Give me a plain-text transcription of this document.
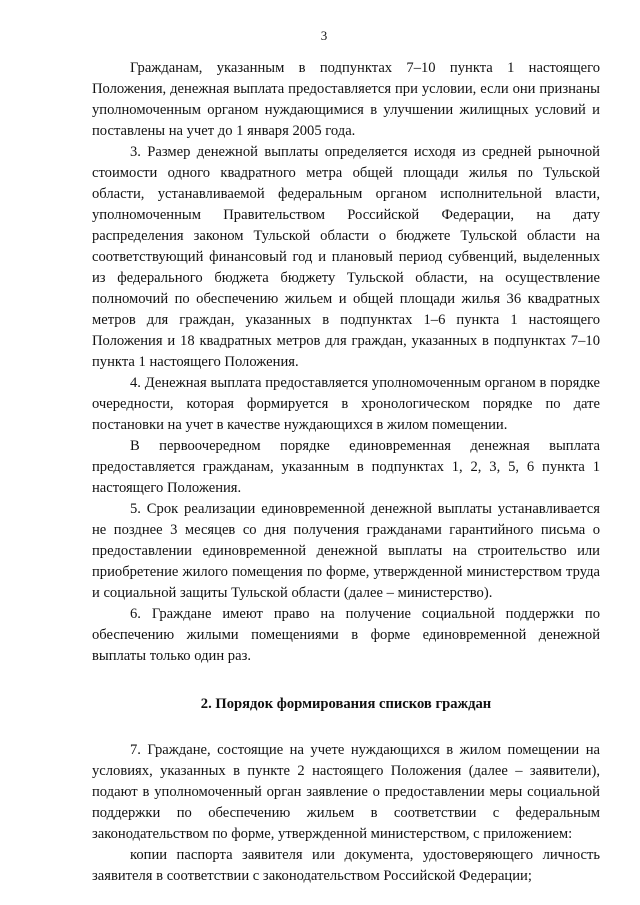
3

Гражданам, указанным в подпунктах 7–10 пункта 1 настоящего Положения, денежная выплата предоставляется при условии, если они признаны уполномоченным органом нуждающимися в улучшении жилищных условий и поставлены на учет до 1 января 2005 года.

3. Размер денежной выплаты определяется исходя из средней рыночной стоимости одного квадратного метра общей площади жилья по Тульской области, устанавливаемой федеральным органом исполнительной власти, уполномоченным Правительством Российской Федерации, на дату распределения законом Тульской области о бюджете Тульской области на соответствующий финансовый год и плановый период субвенций, выделенных из федерального бюджета бюджету Тульской области, на осуществление полномочий по обеспечению жильем и общей площади жилья 36 квадратных метров для граждан, указанных в подпунктах 1–6 пункта 1 настоящего Положения и 18 квадратных метров для граждан, указанных в подпунктах 7–10 пункта 1 настоящего Положения.

4. Денежная выплата предоставляется уполномоченным органом в порядке очередности, которая формируется в хронологическом порядке по дате постановки на учет в качестве нуждающихся в жилом помещении.

В первоочередном порядке единовременная денежная выплата предоставляется гражданам, указанным в подпунктах 1, 2, 3, 5, 6 пункта 1 настоящего Положения.

5. Срок реализации единовременной денежной выплаты устанавливается не позднее 3 месяцев со дня получения гражданами гарантийного письма о предоставлении единовременной денежной выплаты на строительство или приобретение жилого помещения по форме, утвержденной министерством труда и социальной защиты Тульской области (далее – министерство).

6. Граждане имеют право на получение социальной поддержки по обеспечению жилыми помещениями в форме единовременной денежной выплаты только один раз.

2. Порядок формирования списков граждан

7. Граждане, состоящие на учете нуждающихся в жилом помещении на условиях, указанных в пункте 2 настоящего Положения (далее – заявители), подают в уполномоченный орган заявление о предоставлении меры социальной поддержки по обеспечению жильем в соответствии с федеральным законодательством по форме, утвержденной министерством, с приложением:

копии паспорта заявителя или документа, удостоверяющего личность заявителя в соответствии с законодательством Российской Федерации;
